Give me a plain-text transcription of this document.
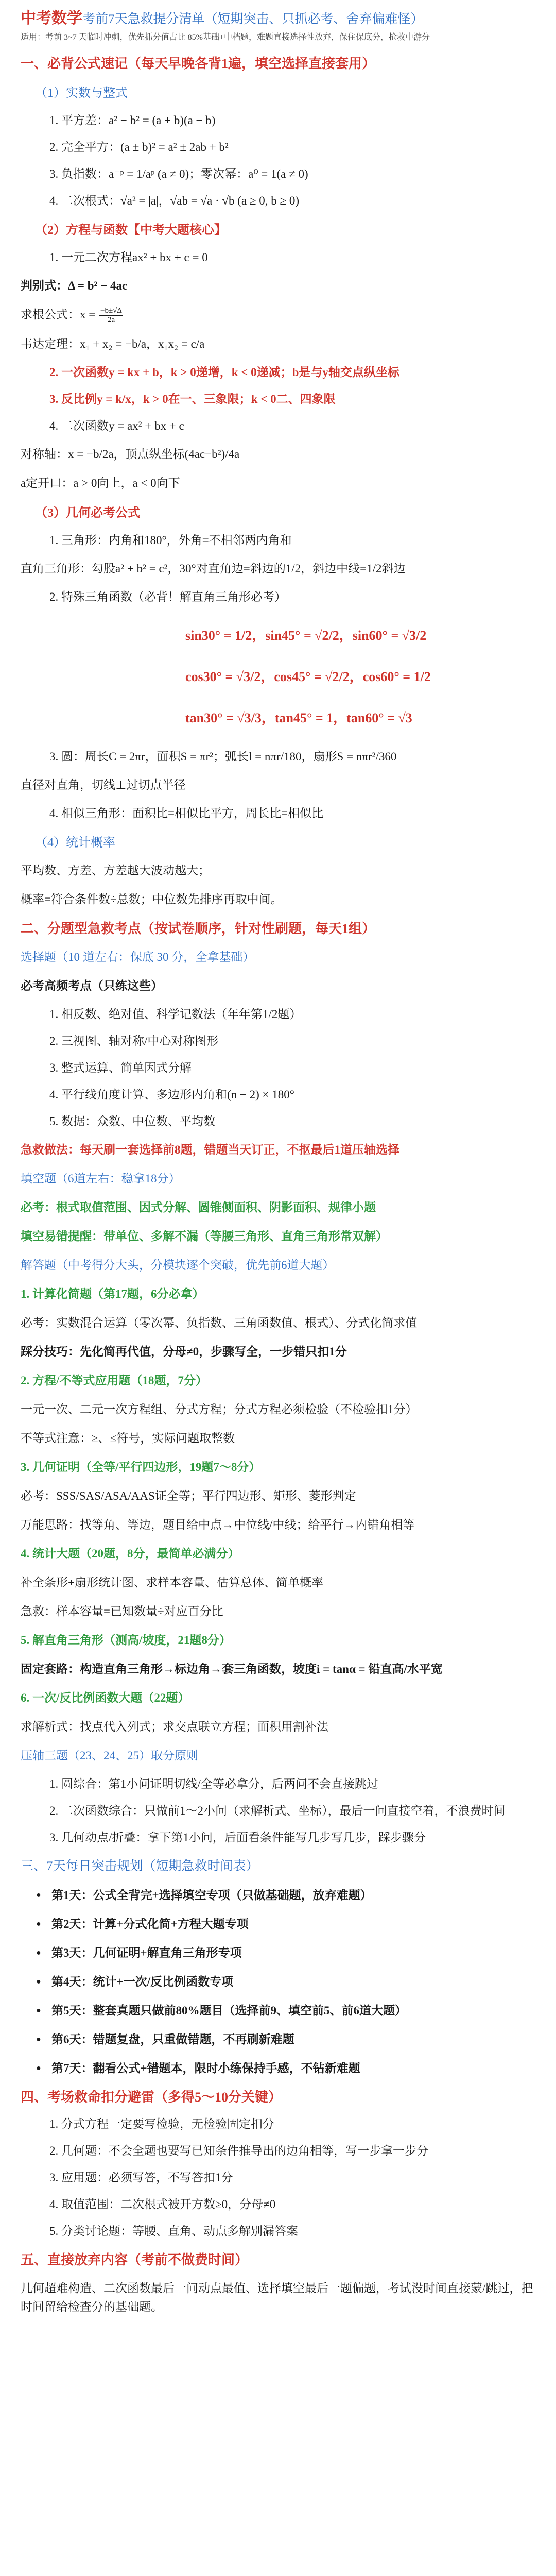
中考数学考前7天急救提分清单（短期突击、只抓必考、舍弃偏难怪）
适用：考前 3~7 天临时冲刺，优先抓分值占比 85%基础+中档题，难题直接选择性放弃，保住保底分，抢救中游分
一、必背公式速记（每天早晚各背1遍，填空选择直接套用）
（1）实数与整式
1. 平方差：a² − b² = (a + b)(a − b)
2. 完全平方：(a ± b)² = a² ± 2ab + b²
3. 负指数：a⁻ᵖ = 1/aᵖ (a ≠ 0)；零次幂：a⁰ = 1(a ≠ 0)
4. 二次根式：√a² = |a|，√ab = √a · √b (a ≥ 0, b ≥ 0)
（2）方程与函数【中考大题核心】
1. 一元二次方程ax² + bx + c = 0
判别式：Δ = b² − 4ac
求根公式：$x = \frac{-b\pm√\Delta}{2a}$
韦达定理：x₁ + x₂ = −b/a，x₁x₂ = c/a
2. 一次函数y = kx + b，k > 0递增，k < 0递减；b是与y轴交点纵坐标
3. 反比例y = k/x，k > 0在一、三象限；k < 0二、四象限
4. 二次函数y = ax² + bx + c
对称轴：x = −b/2a，顶点纵坐标(4ac−b²)/4a
a定开口：a > 0向上，a < 0向下
（3）几何必考公式
1. 三角形：内角和180°，外角=不相邻两内角和
直角三角形：勾股a² + b² = c²，30°对直角边=斜边的1/2，斜边中线=1/2斜边
2. 特殊三角函数（必背！解直角三角形必考）
sin30° = 1/2，sin45° = √2/2，sin60° = √3/2
cos30° = √3/2，cos45° = √2/2，cos60° = 1/2
tan30° = √3/3，tan45° = 1，tan60° = √3
3. 圆：周长C = 2πr，面积S = πr²；弧长l = nπr/180，扇形S = nπr²/360
直径对直角，切线⊥过切点半径
4. 相似三角形：面积比=相似比平方，周长比=相似比
（4）统计概率
平均数、方差、方差越大波动越大；
概率=符合条件数÷总数；中位数先排序再取中间。
二、分题型急救考点（按试卷顺序，针对性刷题，每天1组）
选择题（10 道左右：保底 30 分，全拿基础）
必考高频考点（只练这些）
1. 相反数、绝对值、科学记数法（年年第1/2题）
2. 三视图、轴对称/中心对称图形
3. 整式运算、简单因式分解
4. 平行线角度计算、多边形内角和(n − 2) × 180°
5. 数据：众数、中位数、平均数
急救做法：每天刷一套选择前8题，错题当天订正，不抠最后1道压轴选择
填空题（6道左右：稳拿18分）
必考：根式取值范围、因式分解、圆锥侧面积、阴影面积、规律小题
填空易错提醒：带单位、多解不漏（等腰三角形、直角三角形常双解）
解答题（中考得分大头，分模块逐个突破，优先前6道大题）
1. 计算化简题（第17题，6分必拿）
必考：实数混合运算（零次幂、负指数、三角函数值、根式）、分式化简求值
踩分技巧：先化简再代值，分母≠0，步骤写全，一步错只扣1分
2. 方程/不等式应用题（18题，7分）
一元一次、二元一次方程组、分式方程；分式方程必须检验（不检验扣1分）
不等式注意：≥、≤符号，实际问题取整数
3. 几何证明（全等/平行四边形，19题7～8分）
必考：SSS/SAS/ASA/AAS证全等；平行四边形、矩形、菱形判定
万能思路：找等角、等边，题目给中点→中位线/中线；给平行→内错角相等
4. 统计大题（20题，8分，最简单必满分）
补全条形+扇形统计图、求样本容量、估算总体、简单概率
急救：样本容量=已知数量÷对应百分比
5. 解直角三角形（测高/坡度，21题8分）
固定套路：构造直角三角形→标边角→套三角函数，坡度i = tanα = 铅直高/水平宽
6. 一次/反比例函数大题（22题）
求解析式：找点代入列式；求交点联立方程；面积用割补法
压轴三题（23、24、25）取分原则
1. 圆综合：第1小问证明切线/全等必拿分，后两问不会直接跳过
2. 二次函数综合：只做前1～2小问（求解析式、坐标），最后一问直接空着，不浪费时间
3. 几何动点/折叠：拿下第1小问，后面看条件能写几步写几步，踩步骤分
三、7天每日突击规划（短期急救时间表）
● 第1天：公式全背完+选择填空专项（只做基础题，放弃难题）
● 第2天：计算+分式化简+方程大题专项
● 第3天：几何证明+解直角三角形专项
● 第4天：统计+一次/反比例函数专项
● 第5天：整套真题只做前80%题目（选择前9、填空前5、前6道大题）
● 第6天：错题复盘，只重做错题，不再刷新难题
● 第7天：翻看公式+错题本，限时小练保持手感，不钻新难题
四、考场救命扣分避雷（多得5～10分关键）
1. 分式方程一定要写检验，无检验固定扣分
2. 几何题：不会全题也要写已知条件推导出的边角相等，写一步拿一步分
3. 应用题：必须写答，不写答扣1分
4. 取值范围：二次根式被开方数≥0，分母≠0
5. 分类讨论题：等腰、直角、动点多解别漏答案
五、直接放弃内容（考前不做费时间）
几何超难构造、二次函数最后一问动点最值、选择填空最后一题偏题，考试没时间直接蒙/跳过，把时间留给检查分的基础题。
